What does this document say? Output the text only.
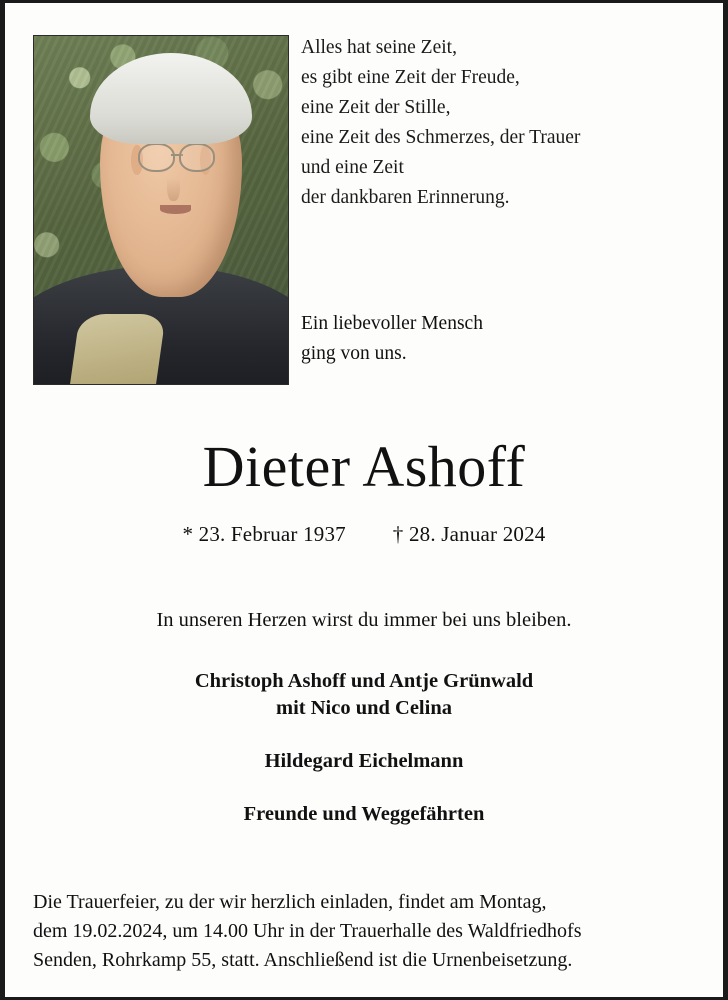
Alles hat seine Zeit,

es gibt eine Zeit der Freude,

eine Zeit der Stille,

eine Zeit des Schmerzes, der Trauer

und eine Zeit

der dankbaren Erinnerung.

Ein liebevoller Mensch

ging von uns.

Dieter Ashoff
* 23. Februar 1937 † 28. Januar 2024
In unseren Herzen wirst du immer bei uns bleiben.
Christoph Ashoff und Antje Grünwald
mit Nico und Celina
Hildegard Eichelmann
Freunde und Weggefährten

Die Trauerfeier, zu der wir herzlich einladen, findet am Montag,

dem 19.02.2024, um 14.00 Uhr in der Trauerhalle des Waldfriedhofs

Senden, Rohrkamp 55, statt. Anschließend ist die Urnenbeisetzung.
